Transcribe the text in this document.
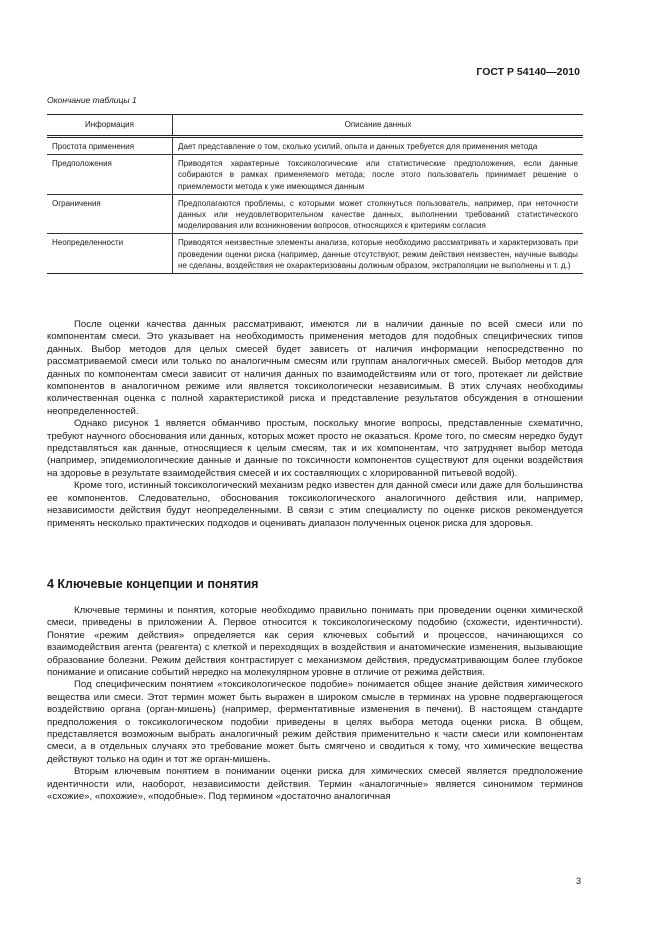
ГОСТ Р 54140—2010
Окончание таблицы 1
Информация	Описание данных
Простота применения	Дает представление о том, сколько усилий, опыта и данных требуется для применения метода
Предположения	Приводятся характерные токсикологические или статистические предположения, если данные собираются в рамках применяемого метода; после этого пользователь принимает решение о приемлемости метода к уже имеющимся данным
Ограничения	Предполагаются проблемы, с которыми может столкнуться пользователь, например, при неточности данных или неудовлетворительном качестве данных, выполнении требований статистического моделирования или возникновении вопросов, относящихся к критериям согласия
Неопределенности	Приводятся неизвестные элементы анализа, которые необходимо рассматривать и характеризовать при проведении оценки риска (например, данные отсутствуют, режим действия неизвестен, научные выводы не сделаны, воздействия не охарактеризованы должным образом, экстраполяции не выполнены и т. д.)

После оценки качества данных рассматривают, имеются ли в наличии данные по всей смеси или по компонентам смеси. Это указывает на необходимость применения методов для подобных специфических типов данных. Выбор методов для целых смесей будет зависеть от наличия информации непосредственно по рассматриваемой смеси или только по аналогичным смесям или группам аналогичных смесей. Выбор методов для данных по компонентам смеси зависит от наличия данных по взаимодействиям или от того, протекает ли действие компонентов в аналогичном режиме или является токсикологически независимым. В этих случаях необходимы количественная оценка с полной характеристикой риска и представление результатов обсуждения в отношении неопределенностей.

Однако рисунок 1 является обманчиво простым, поскольку многие вопросы, представленные схематично, требуют научного обоснования или данных, которых может просто не оказаться. Кроме того, по смесям нередко будут представляться как данные, относящиеся к целым смесям, так и их компонентам, что затрудняет выбор метода (например, эпидемиологические данные и данные по токсичности компонентов существуют для оценки воздействия на здоровье в результате взаимодействия смесей и их составляющих с хлорированной питьевой водой).

Кроме того, истинный токсикологический механизм редко известен для данной смеси или даже для большинства ее компонентов. Следовательно, обоснования токсикологического аналогичного действия или, например, независимости действия будут неопределенными. В связи с этим специалисту по оценке рисков рекомендуется применять несколько практических подходов и оценивать диапазон полученных оценок риска для здоровья.

4 Ключевые концепции и понятия

Ключевые термины и понятия, которые необходимо правильно понимать при проведении оценки химической смеси, приведены в приложении А. Первое относится к токсикологическому подобию (схожести, идентичности). Понятие «режим действия» определяется как серия ключевых событий и процессов, начинающихся со взаимодействия агента (реагента) с клеткой и переходящих в воздействия и анатомические изменения, вызывающие образование болезни. Режим действия контрастирует с механизмом действия, предусматривающим более глубокое понимание и описание событий нередко на молекулярном уровне в отличие от режима действия.

Под специфическим понятием «токсикологическое подобие» понимается общее знание действия химического вещества или смеси. Этот термин может быть выражен в широком смысле в терминах на уровне подвергающегося воздействию органа (орган-мишень) (например, ферментативные изменения в печени). В настоящем стандарте предположения о токсикологическом подобии приведены в целях выбора метода оценки риска. В общем, представляется возможным выбрать аналогичный режим действия применительно к части смеси или компонентам смеси, а в отдельных случаях это требование может быть смягчено и сводиться к тому, что химические вещества действуют только на один и тот же орган-мишень.

Вторым ключевым понятием в понимании оценки риска для химических смесей является предположение идентичности или, наоборот, независимости действия. Термин «аналогичные» является синонимом терминов «схожие», «похожие», «подобные». Под термином «достаточно аналогичная

3
